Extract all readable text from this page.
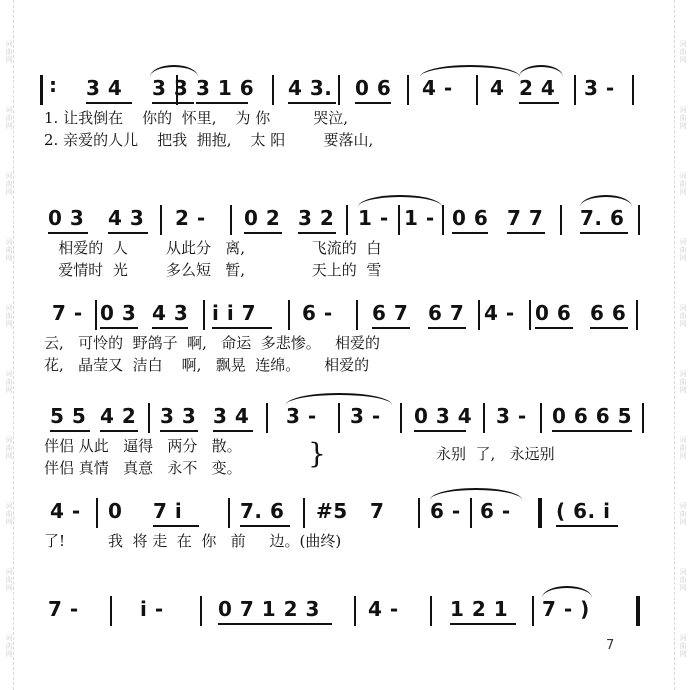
词曲网
词曲网
词曲网
词曲网
词曲网
词曲网
词曲网
词曲网
词曲网
词曲网
词曲网
词曲网
词曲网
词曲网
词曲网
词曲网
词曲网
词曲网
词曲网
词曲网
:
3 4 3 3 3 1 6 4 3. 0 6 4 - 4 2 4 3 -
1. 让我倒在    你的  怀里,    为 你         哭泣,
2. 亲爱的人儿    把我  拥抱,    太 阳        要落山,
0 3 4 3 2 - 0 2 3 2 1 - 1 - 0 6 7 7 7. 6
相爱的  人        从此分   离,              飞流的  白
爱情时  光        多么短   暂,              天上的  雪
7 - 0 3 4 3 i i 7 6 - 6 7 6 7 4 - 0 6 6 6
云,   可怜的  野鸽子  啊,   命运  多悲惨。   相爱的
花,   晶莹又  洁白    啊,   飘晃  连绵。     相爱的
5 5 4 2 3 3 3 4 3 - 3 - 0 3 4 3 - 0 6 6 5
伴侣 从此   逼得   两分   散。
伴侣 真情   真意   永不   变。 }	永别  了,   永远别
4 - 0 7 i	7. 6 #5 7 6 - 6 - ( 6. i
了!         我  将 走  在  你   前     边。(曲终)
7 -	i -	0 7 1 2 3 4 -	1 2 1 7 - )
7
